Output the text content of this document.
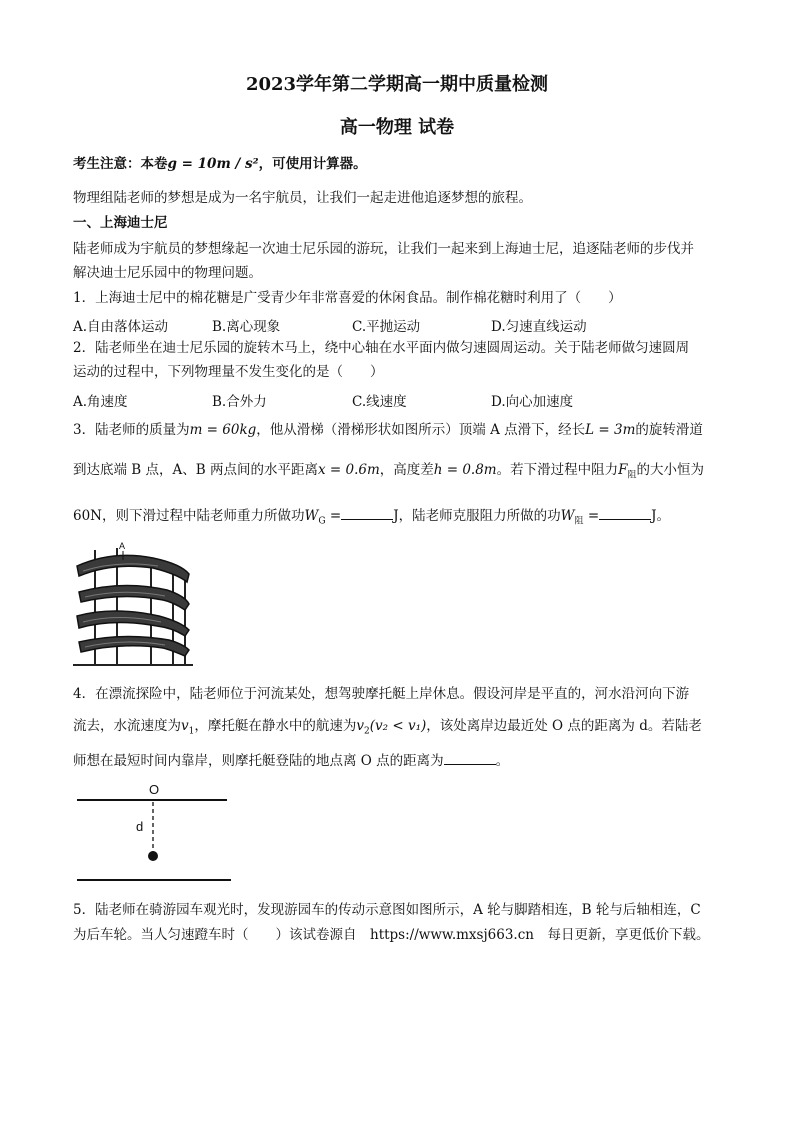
2023学年第二学期高一期中质量检测
高一物理 试卷
考生注意：本卷g = 10m / s²，可使用计算器。
物理组陆老师的梦想是成为一名宇航员，让我们一起走进他追逐梦想的旅程。
一、上海迪士尼
陆老师成为宇航员的梦想缘起一次迪士尼乐园的游玩，让我们一起来到上海迪士尼，追逐陆老师的步伐并
解决迪士尼乐园中的物理问题。
1．上海迪士尼中的棉花糖是广受青少年非常喜爱的休闲食品。制作棉花糖时利用了（　　）
A.自由落体运动	B.离心现象	C.平抛运动	D.匀速直线运动
2．陆老师坐在迪士尼乐园的旋转木马上，绕中心轴在水平面内做匀速圆周运动。关于陆老师做匀速圆周
运动的过程中，下列物理量不发生变化的是（　　）
A.角速度	B.合外力	C.线速度	D.向心加速度
3．陆老师的质量为m = 60kg，他从滑梯（滑梯形状如图所示）顶端 A 点滑下，经长L = 3m的旋转滑道
到达底端 B 点，A、B 两点间的水平距离x = 0.6m，高度差h = 0.8m。若下滑过程中阻力$F_阻$的大小恒为
60N，则下滑过程中陆老师重力所做功$W_G$ =	J，陆老师克服阻力所做的功$W_阻$ =	J。
A
4．在漂流探险中，陆老师位于河流某处，想驾驶摩托艇上岸休息。假设河岸是平直的，河水沿河向下游
流去，水流速度为$v_1$，摩托艇在静水中的航速为$v_2(v_2 < v_1)$，该处离岸边最近处 O 点的距离为 d。若陆老
师想在最短时间内靠岸，则摩托艇登陆的地点离 O 点的距离为	。
O
d
5．陆老师在骑游园车观光时，发现游园车的传动示意图如图所示，A 轮与脚踏相连，B 轮与后轴相连，C
为后车轮。当人匀速蹬车时（　　）该试卷源自　https://www.mxsj663.cn　每日更新，享更低价下载。
